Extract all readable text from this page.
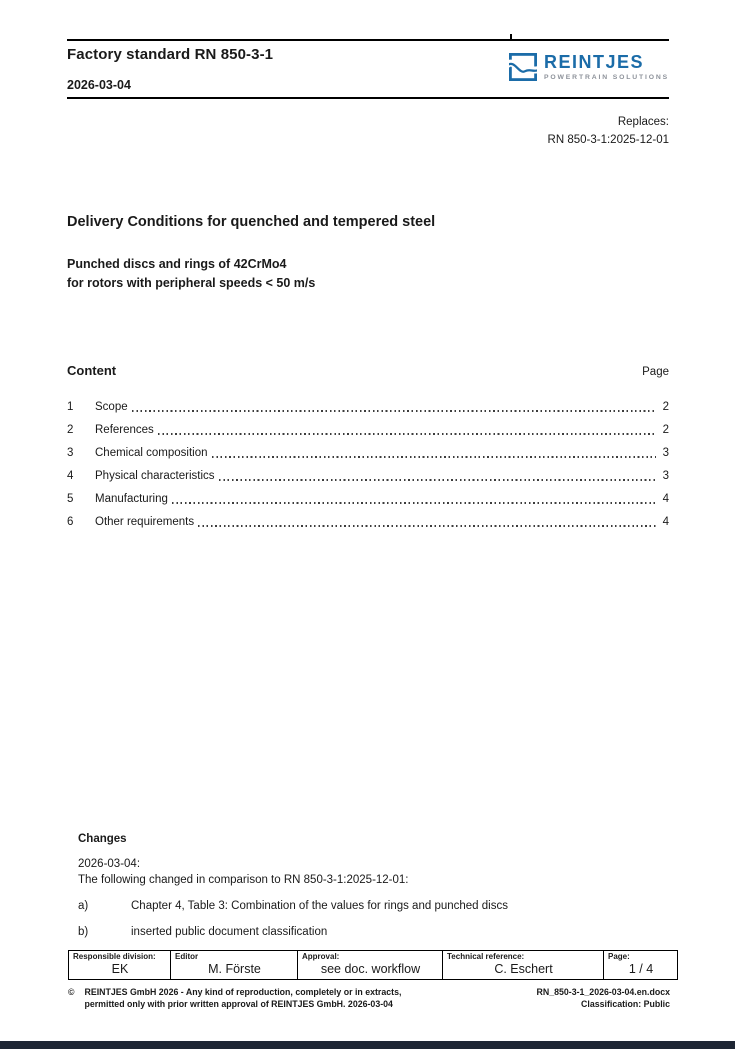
Factory standard RN 850-3-1
2026-03-04
REINTJES
POWERTRAIN SOLUTIONS
Replaces:
RN 850-3-1:2025-12-01
Delivery Conditions for quenched and tempered steel
Punched discs and rings of 42CrMo4
for rotors with peripheral speeds < 50 m/s
Content	Page
1	Scope	2
2	References	2
3	Chemical composition	3
4	Physical characteristics	3
5	Manufacturing	4
6	Other requirements	4
Changes
2026-03-04:
The following changed in comparison to RN 850-3-1:2025-12-01:
a)	Chapter 4, Table 3: Combination of the values for rings and punched discs
b)	inserted public document classification
Responsible division:
EK

Editor
M. Förste

Approval:
see doc. workflow

Technical reference:
C. Eschert

Page:
1 / 4
© REINTJES GmbH 2026 - Any kind of reproduction, completely or in extracts,
permitted only with prior written approval of REINTJES GmbH. 2026-03-04
RN_850-3-1_2026-03-04.en.docx
Classification: Public
